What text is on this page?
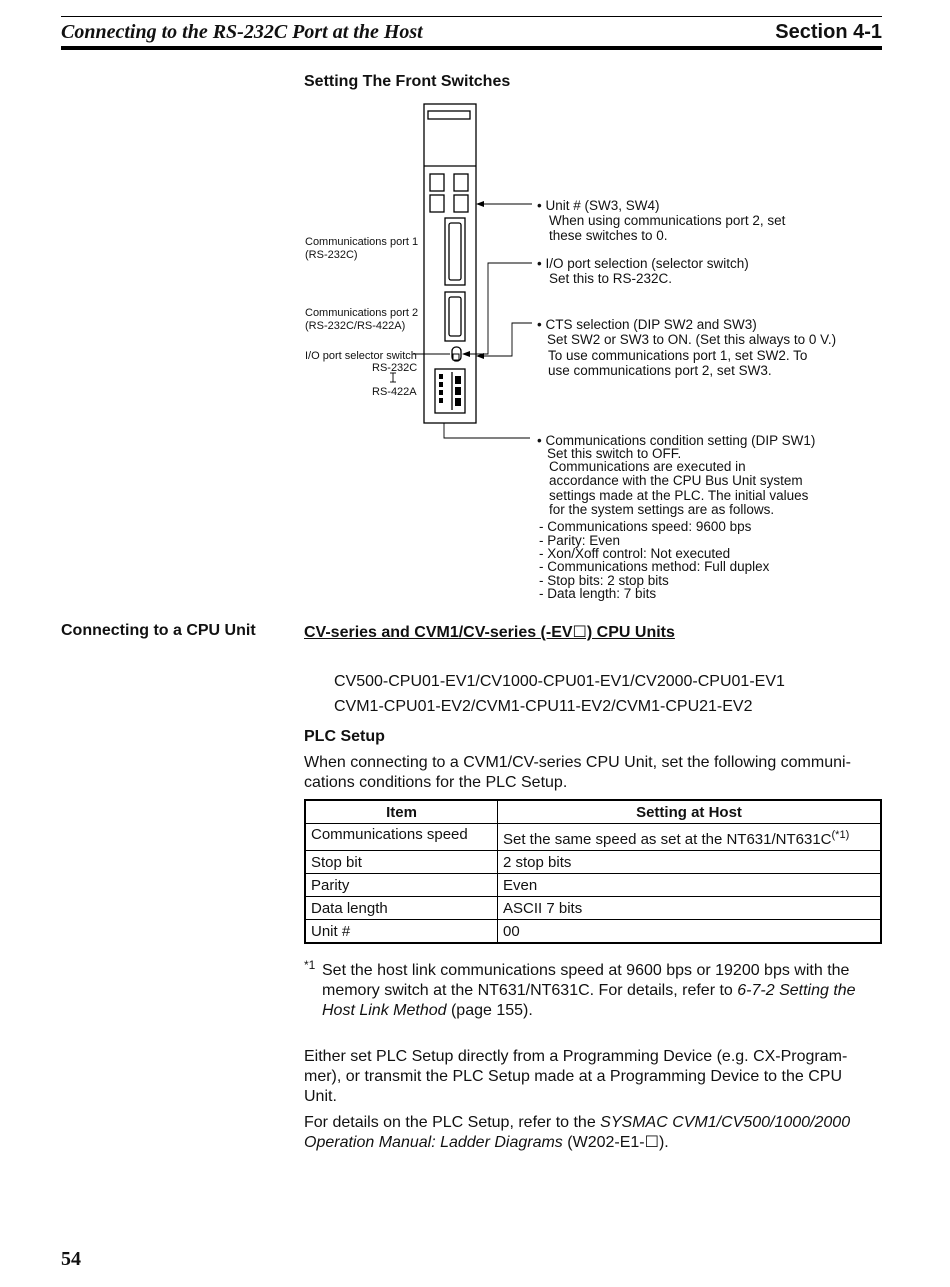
Connecting to the RS-232C Port at the Host	Section 4-1
Setting The Front Switches
Communications port 1
(RS-232C)
Communications port 2
(RS-232C/RS-422A)
I/O port selector switch
RS-232C
RS-422A
• Unit # (SW3, SW4)
When using communications port 2, set
these switches to 0.
• I/O port selection (selector switch)
Set this to RS-232C.
• CTS selection (DIP SW2 and SW3)
Set SW2 or SW3 to ON. (Set this always to 0 V.)
To use communications port 1, set SW2. To
use communications port 2, set SW3.
• Communications condition setting (DIP SW1)
Set this switch to OFF.
Communications are executed in
accordance with the CPU Bus Unit system
settings made at the PLC. The initial values
for the system settings are as follows.
- Communications speed: 9600 bps
- Parity: Even
- Xon/Xoff control: Not executed
- Communications method: Full duplex
- Stop bits: 2 stop bits
- Data length: 7 bits
Connecting to a CPU Unit	CV-series and CVM1/CV-series (-EV☐) CPU Units
CV500-CPU01-EV1/CV1000-CPU01-EV1/CV2000-CPU01-EV1
CVM1-CPU01-EV2/CVM1-CPU11-EV2/CVM1-CPU21-EV2
PLC Setup
When connecting to a CVM1/CV-series CPU Unit, set the following communi-
cations conditions for the PLC Setup.
Item	Setting at Host
Communications speed	Set the same speed as set at the $NT631/NT631C^{(*1)}$
Stop bit	2 stop bits
Parity	Even
Data length	ASCII 7 bits
Unit #	00
*1 Set the host link communications speed at 9600 bps or 19200 bps with the
memory switch at the NT631/NT631C. For details, refer to 6-7-2 Setting the
Host Link Method (page 155).
Either set PLC Setup directly from a Programming Device (e.g. CX-Program-
mer), or transmit the PLC Setup made at a Programming Device to the CPU
Unit.
For details on the PLC Setup, refer to the SYSMAC CVM1/CV500/1000/2000
Operation Manual: Ladder Diagrams (W202-E1-☐).
54
